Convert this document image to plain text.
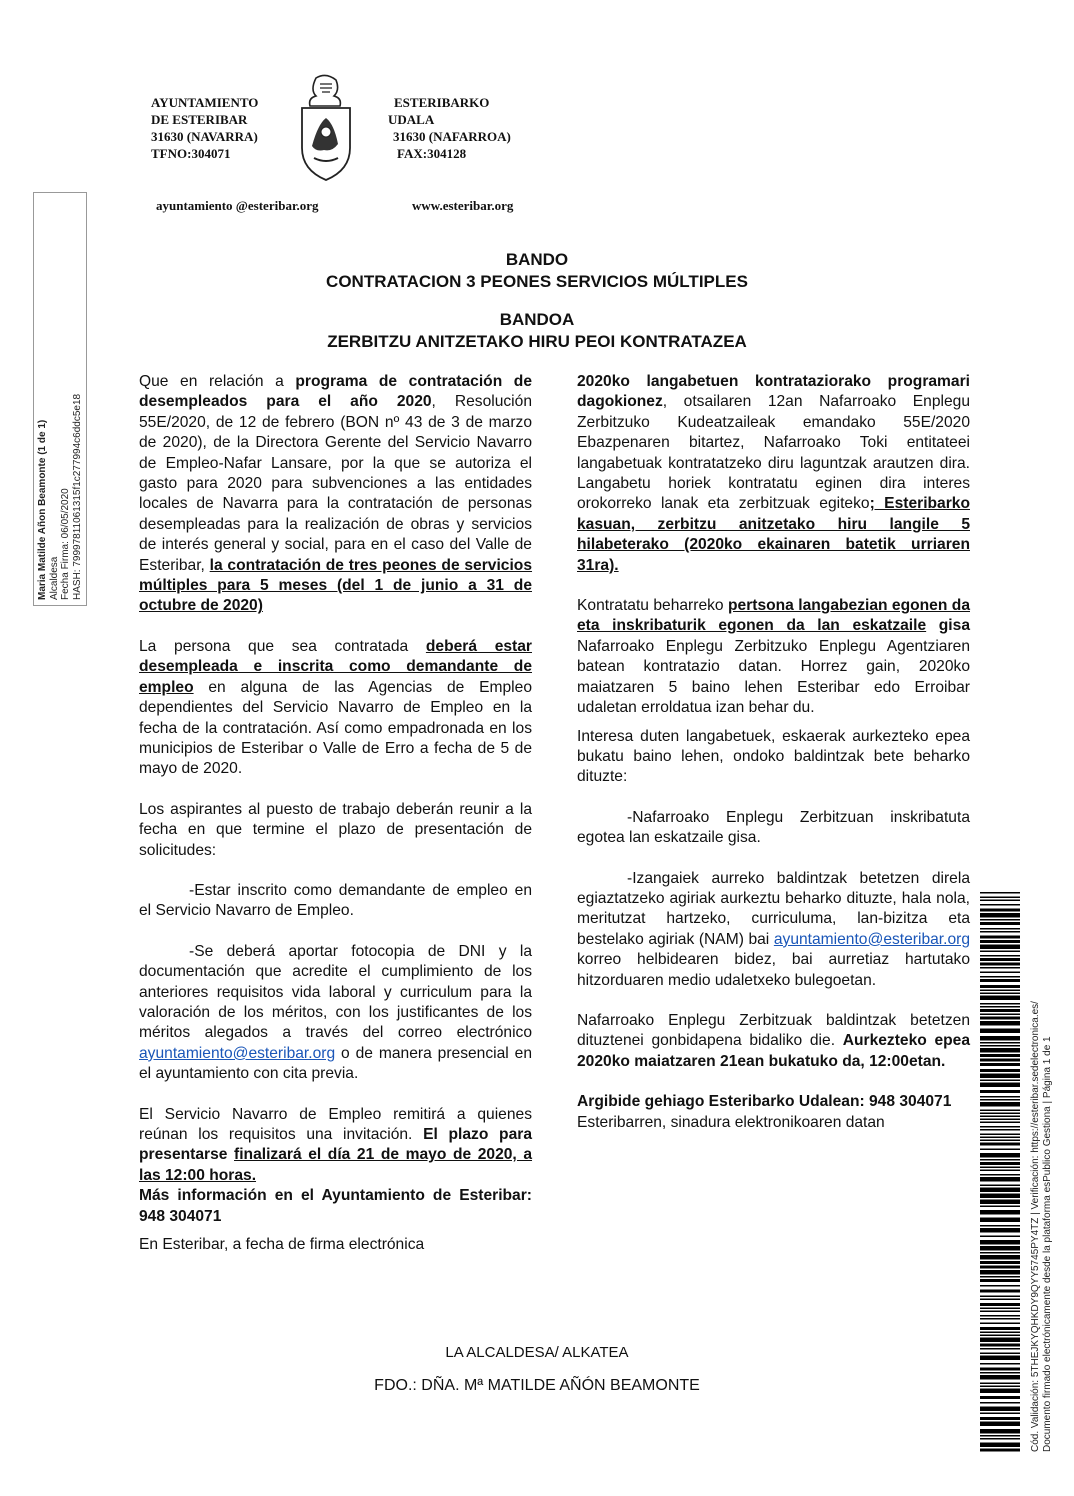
AYUNTAMIENTO
DE ESTERIBAR
31630 (NAVARRA)
TFNO:304071
ESTERIBARKO
UDALA
31630 (NAFARROA)
FAX:304128
ayuntamiento @esteribar.org	www.esteribar.org
BANDO
CONTRATACION 3 PEONES SERVICIOS MÚLTIPLES
BANDOA
ZERBITZU ANITZETAKO HIRU PEOI KONTRATAZEA

Que en relación a programa de contratación de desempleados para el año 2020, Resolución 55E/2020, de 12 de febrero (BON nº 43 de 3 de marzo de 2020), de la Directora Gerente del Servicio Navarro de Empleo-Nafar Lansare, por la que se autoriza el gasto para 2020 para subvenciones a las entidades locales de Navarra para la contratación de personas desempleadas para la realización de obras y servicios de interés general y social, para en el caso del Valle de Esteribar, la contratación de tres peones de servicios múltiples para 5 meses (del 1 de junio a 31 de octubre de 2020)

La persona que sea contratada deberá estar desempleada e inscrita como demandante de empleo en alguna de las Agencias de Empleo dependientes del Servicio Navarro de Empleo en la fecha de la contratación. Así como empadronada en los municipios de Esteribar o Valle de Erro a fecha de 5 de mayo de 2020.

Los aspirantes al puesto de trabajo deberán reunir a la fecha en que termine el plazo de presentación de solicitudes:

-Estar inscrito como demandante de empleo en el Servicio Navarro de Empleo.

-Se deberá aportar fotocopia de DNI y la documentación que acredite el cumplimiento de los anteriores requisitos vida laboral y curriculum para la valoración de los méritos, con los justificantes de los méritos alegados a través del correo electrónico ayuntamiento@esteribar.org o de manera presencial en el ayuntamiento con cita previa.

El Servicio Navarro de Empleo remitirá a quienes reúnan los requisitos una invitación. El plazo para presentarse finalizará el día 21 de mayo de 2020, a las 12:00 horas.
Más información en el Ayuntamiento de Esteribar: 948 304071

En Esteribar, a fecha de firma electrónica

2020ko langabetuen kontrataziorako programari dagokionez, otsailaren 12an Nafarroako Enplegu Zerbitzuko Kudeatzaileak emandako 55E/2020 Ebazpenaren bitartez, Nafarroako Toki entitateei langabetuak kontratatzeko diru laguntzak arautzen dira. Langabetu horiek kontratatu eginen dira interes orokorreko lanak eta zerbitzuak egiteko; Esteribarko kasuan, zerbitzu anitzetako hiru langile 5 hilabeterako (2020ko ekainaren batetik urriaren 31ra).

Kontratatu beharreko pertsona langabezian egonen da eta inskribaturik egonen da lan eskatzaile gisa Nafarroako Enplegu Zerbitzuko Enplegu Agentziaren batean kontratazio datan. Horrez gain, 2020ko maiatzaren 5 baino lehen Esteribar edo Erroibar udaletan erroldatua izan behar du.

Interesa duten langabetuek, eskaerak aurkezteko epea bukatu baino lehen, ondoko baldintzak bete beharko dituzte:

-Nafarroako Enplegu Zerbitzuan inskribatuta egotea lan eskatzaile gisa.

-Izangaiek aurreko baldintzak betetzen direla egiaztatzeko agiriak aurkeztu beharko dituzte, hala nola, meritutzat hartzeko, curriculuma, lan-bizitza eta bestelako agiriak (NAM) bai ayuntamiento@esteribar.org korreo helbidearen bidez, bai aurretiaz hartutako hitzorduaren medio udaletxeko bulegoetan.

Nafarroako Enplegu Zerbitzuak baldintzak betetzen dituztenei gonbidapena bidaliko die. Aurkezteko epea 2020ko maiatzaren 21ean bukatuko da, 12:00etan.

Argibide gehiago Esteribarko Udalean: 948 304071
Esteribarren, sinadura elektronikoaren datan

LA ALCALDESA/ ALKATEA
FDO.: DÑA. Mª MATILDE AÑÓN BEAMONTE
Maria Matilde Añon Beamonte (1 de 1) Alcaldesa Fecha Firma: 06/05/2020 HASH: 79997811061315f1c277994c6ddc5e18
Cód. Validación: 5THEJKYQHKDY9QYY5745PY4TZ | Verificación: https://esteribar.sedelectronica.es/ Documento firmado electrónicamente desde la plataforma esPublico Gestiona | Página 1 de 1
